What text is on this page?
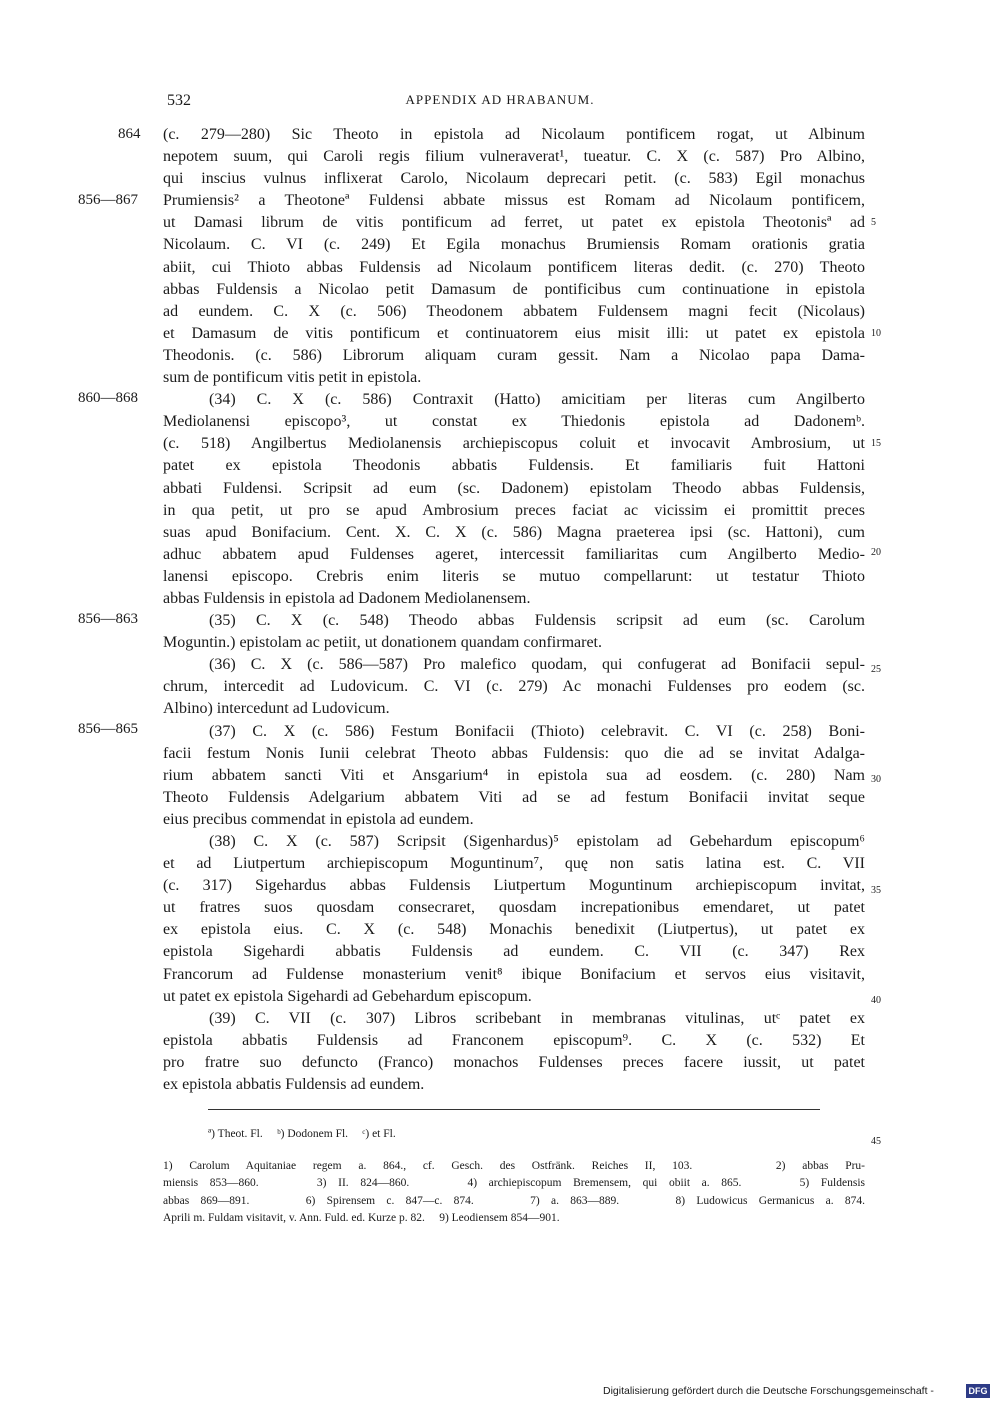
532	APPENDIX AD HRABANUM.
864
856—867
860—868
856—863
856—865
5
10
15
20
25
30
35
40
45
(c. 279—280) Sic Theoto in epistola ad Nicolaum pontificem rogat, ut Albinum
nepotem suum, qui Caroli regis filium vulneraverat¹, tueatur. C. X (c. 587) Pro Albino,
qui inscius vulnus inflixerat Carolo, Nicolaum deprecari petit. (c. 583) Egil monachus
Prumiensis² a Theotoneª Fuldensi abbate missus est Romam ad Nicolaum pontificem,
ut Damasi librum de vitis pontificum ad ferret, ut patet ex epistola Theotonisª ad
Nicolaum. C. VI (c. 249) Et Egila monachus Brumiensis Romam orationis gratia
abiit, cui Thioto abbas Fuldensis ad Nicolaum pontificem literas dedit. (c. 270) Theoto
abbas Fuldensis a Nicolao petit Damasum de pontificibus cum continuatione in epistola
ad eundem. C. X (c. 506) Theodonem abbatem Fuldensem magni fecit (Nicolaus)
et Damasum de vitis pontificum et continuatorem eius misit illi: ut patet ex epistola
Theodonis. (c. 586) Librorum aliquam curam gessit. Nam a Nicolao papa Dama-
sum de pontificum vitis petit in epistola.
(34) C. X (c. 586) Contraxit (Hatto) amicitiam per literas cum Angilberto
Mediolanensi episcopo³, ut constat ex Thiedonis epistola ad Dadonemᵇ.
(c. 518) Angilbertus Mediolanensis archiepiscopus coluit et invocavit Ambrosium, ut
patet ex epistola Theodonis abbatis Fuldensis. Et familiaris fuit Hattoni
abbati Fuldensi. Scripsit ad eum (sc. Dadonem) epistolam Theodo abbas Fuldensis,
in qua petit, ut pro se apud Ambrosium preces faciat ac vicissim ei promittit preces
suas apud Bonifacium. Cent. X. C. X (c. 586) Magna praeterea ipsi (sc. Hattoni), cum
adhuc abbatem apud Fuldenses ageret, intercessit familiaritas cum Angilberto Medio-
lanensi episcopo. Crebris enim literis se mutuo compellarunt: ut testatur Thioto
abbas Fuldensis in epistola ad Dadonem Mediolanensem.
(35) C. X (c. 548) Theodo abbas Fuldensis scripsit ad eum (sc. Carolum
Moguntin.) epistolam ac petiit, ut donationem quandam confirmaret.
(36) C. X (c. 586—587) Pro malefico quodam, qui confugerat ad Bonifacii sepul-
chrum, intercedit ad Ludovicum. C. VI (c. 279) Ac monachi Fuldenses pro eodem (sc.
Albino) intercedunt ad Ludovicum.
(37) C. X (c. 586) Festum Bonifacii (Thioto) celebravit. C. VI (c. 258) Boni-
facii festum Nonis Iunii celebrat Theoto abbas Fuldensis: quo die ad se invitat Adalga-
rium abbatem sancti Viti et Ansgarium⁴ in epistola sua ad eosdem. (c. 280) Nam
Theoto Fuldensis Adelgarium abbatem Viti ad se ad festum Bonifacii invitat seque
eius precibus commendat in epistola ad eundem.
(38) C. X (c. 587) Scripsit (Sigenhardus)⁵ epistolam ad Gebehardum episcopum⁶
et ad Liutpertum archiepiscopum Moguntinum⁷, quę non satis latina est. C. VII
(c. 317) Sigehardus abbas Fuldensis Liutpertum Moguntinum archiepiscopum invitat,
ut fratres suos quosdam consecraret, quosdam increpationibus emendaret, ut patet
ex epistola eius. C. X (c. 548) Monachis benedixit (Liutpertus), ut patet ex
epistola Sigehardi abbatis Fuldensis ad eundem. C. VII (c. 347) Rex
Francorum ad Fuldense monasterium venit⁸ ibique Bonifacium et servos eius visitavit,
ut patet ex epistola Sigehardi ad Gebehardum episcopum.
(39) C. VII (c. 307) Libros scribebant in membranas vitulinas, utᶜ patet ex
epistola abbatis Fuldensis ad Franconem episcopum⁹. C. X (c. 532) Et
pro fratre suo defuncto (Franco) monachos Fuldenses preces facere iussit, ut patet
ex epistola abbatis Fuldensis ad eundem.
ª) Theot. Fl.     ᵇ) Dodonem Fl.     ᶜ) et Fl.
1) Carolum Aquitaniae regem a. 864., cf. Gesch. des Ostfränk. Reiches II, 103.     2) abbas Pru-
miensis 853—860.     3) II. 824—860.     4) archiepiscopum Bremensem, qui obiit a. 865.     5) Fuldensis
abbas 869—891.     6) Spirensem c. 847—c. 874.     7) a. 863—889.     8) Ludowicus Germanicus a. 874.
Aprili m. Fuldam visitavit, v. Ann. Fuld. ed. Kurze p. 82.     9) Leodiensem 854—901.
Digitalisierung gefördert durch die Deutsche Forschungsgemeinschaft -	DFG
